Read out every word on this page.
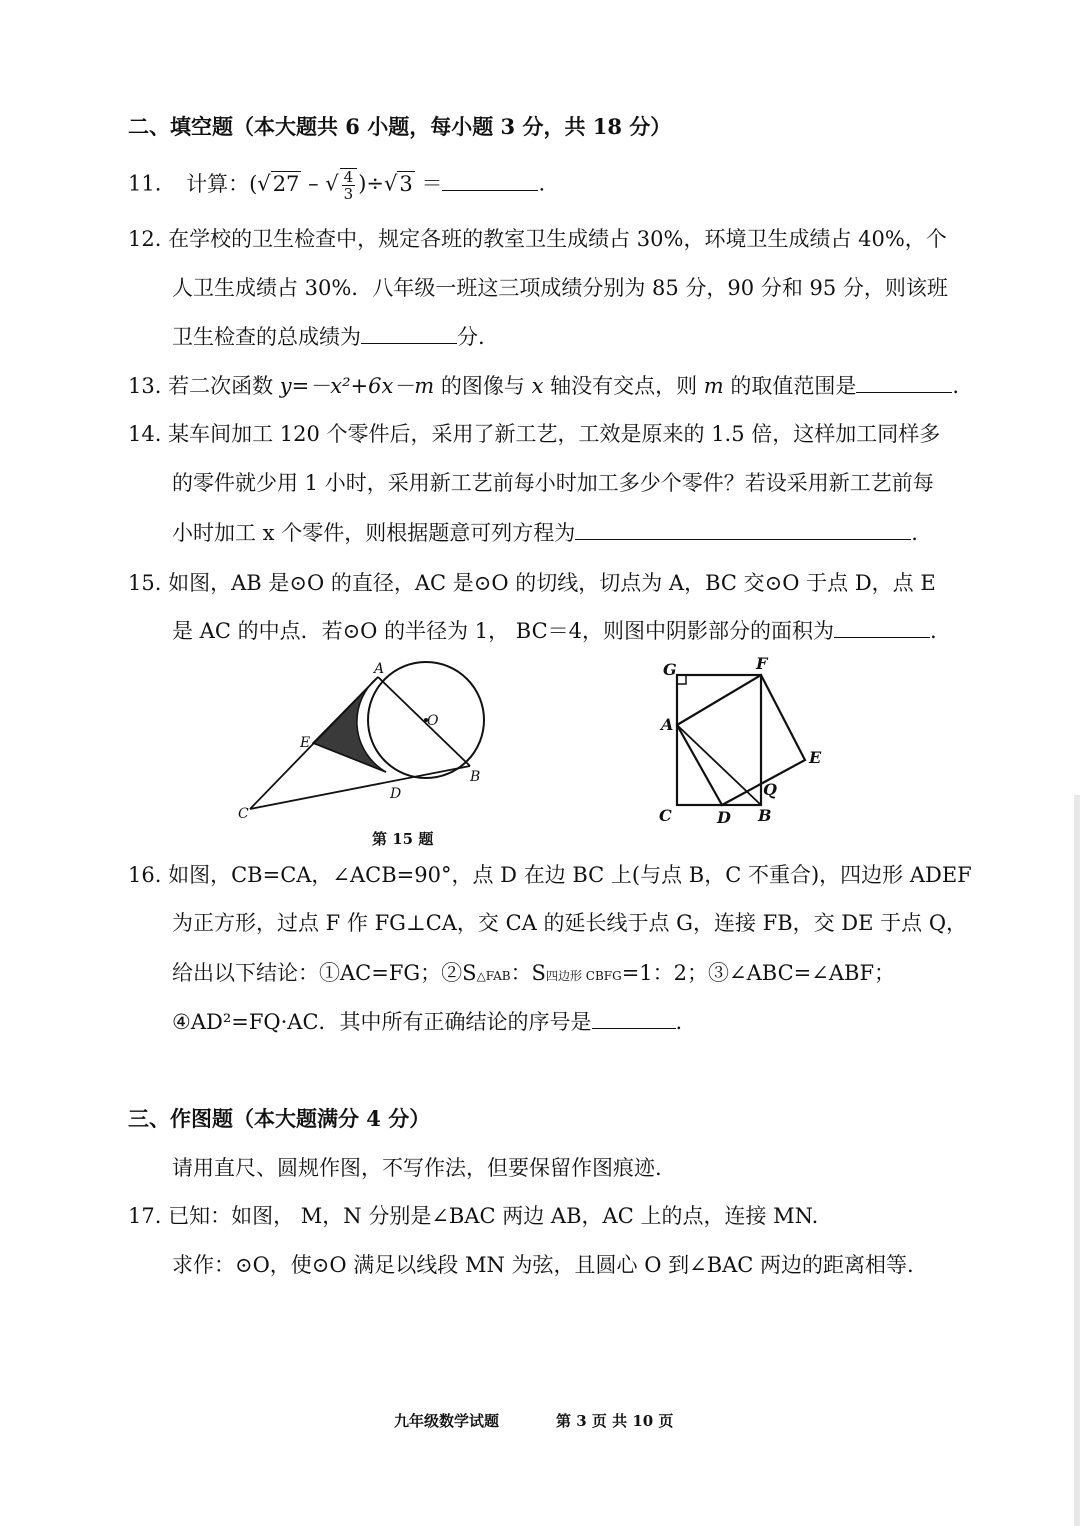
二、填空题（本大题共 6 小题，每小题 3 分，共 18 分）
11. 计算：(√27 – √ $\frac{4}{3} )\div√3$ ＝	.
12. 在学校的卫生检查中，规定各班的教室卫生成绩占 30%，环境卫生成绩占 40%，个
人卫生成绩占 30%．八年级一班这三项成绩分别为 85 分，90 分和 95 分，则该班
卫生检查的总成绩为	分.
13. 若二次函数 y=－x²+6x－m 的图像与 x 轴没有交点，则 m 的取值范围是	.
14. 某车间加工 120 个零件后，采用了新工艺，工效是原来的 1.5 倍，这样加工同样多
的零件就少用 1 小时，采用新工艺前每小时加工多少个零件？若设采用新工艺前每
小时加工 x 个零件，则根据题意可列方程为	.
15. 如图，AB 是⊙O 的直径，AC 是⊙O 的切线，切点为 A，BC 交⊙O 于点 D，点 E
是 AC 的中点．若⊙O 的半径为 1， BC＝4，则图中阴影部分的面积为	.
A
O
E
B
D
C
第 15 题
G	F
A
E
Q
C	D B
16. 如图，CB=CA，∠ACB=90°，点 D 在边 BC 上(与点 B，C 不重合)，四边形 ADEF
为正方形，过点 F 作 FG⊥CA，交 CA 的延长线于点 G，连接 FB，交 DE 于点 Q，
给出以下结论：①AC=FG；②S△FAB：S四边形 CBFG=1：2；③∠ABC=∠ABF；
④AD²=FQ·AC．其中所有正确结论的序号是	.
三、作图题（本大题满分 4 分）
请用直尺、圆规作图，不写作法，但要保留作图痕迹.
17. 已知：如图， M，N 分别是∠BAC 两边 AB，AC 上的点，连接 MN.
求作：⊙O，使⊙O 满足以线段 MN 为弦，且圆心 O 到∠BAC 两边的距离相等.
九年级数学试题	第 3 页 共 10 页
